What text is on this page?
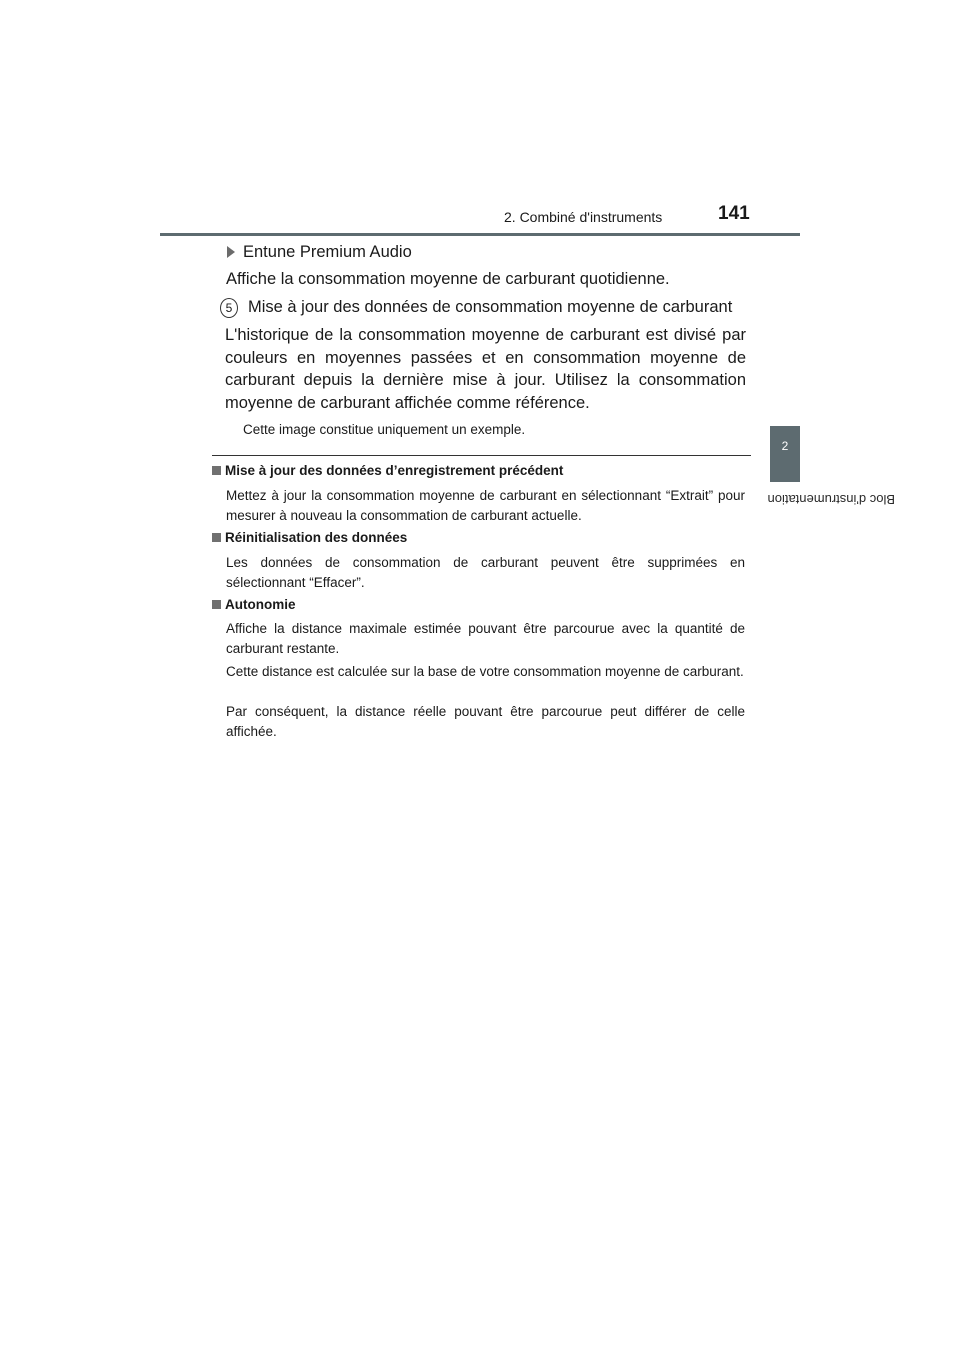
2. Combiné d'instruments	141
2
Bloc d'instrumentation
Entune Premium Audio
Affiche la consommation moyenne de carburant quotidienne.
5 Mise à jour des données de consommation moyenne de carburant
L'historique de la consommation moyenne de carburant est divisé par couleurs en moyennes passées et en consommation moyenne de carburant depuis la dernière mise à jour. Utilisez la consommation moyenne de carburant affichée comme référence.
Cette image constitue uniquement un exemple.
Mise à jour des données d’enregistrement précédent
Mettez à jour la consommation moyenne de carburant en sélectionnant “Extrait” pour mesurer à nouveau la consommation de carburant actuelle.
Réinitialisation des données
Les données de consommation de carburant peuvent être supprimées en sélectionnant “Effacer”.
Autonomie
Affiche la distance maximale estimée pouvant être parcourue avec la quantité de carburant restante.
Cette distance est calculée sur la base de votre consommation moyenne de carburant.
Par conséquent, la distance réelle pouvant être parcourue peut différer de celle affichée.
